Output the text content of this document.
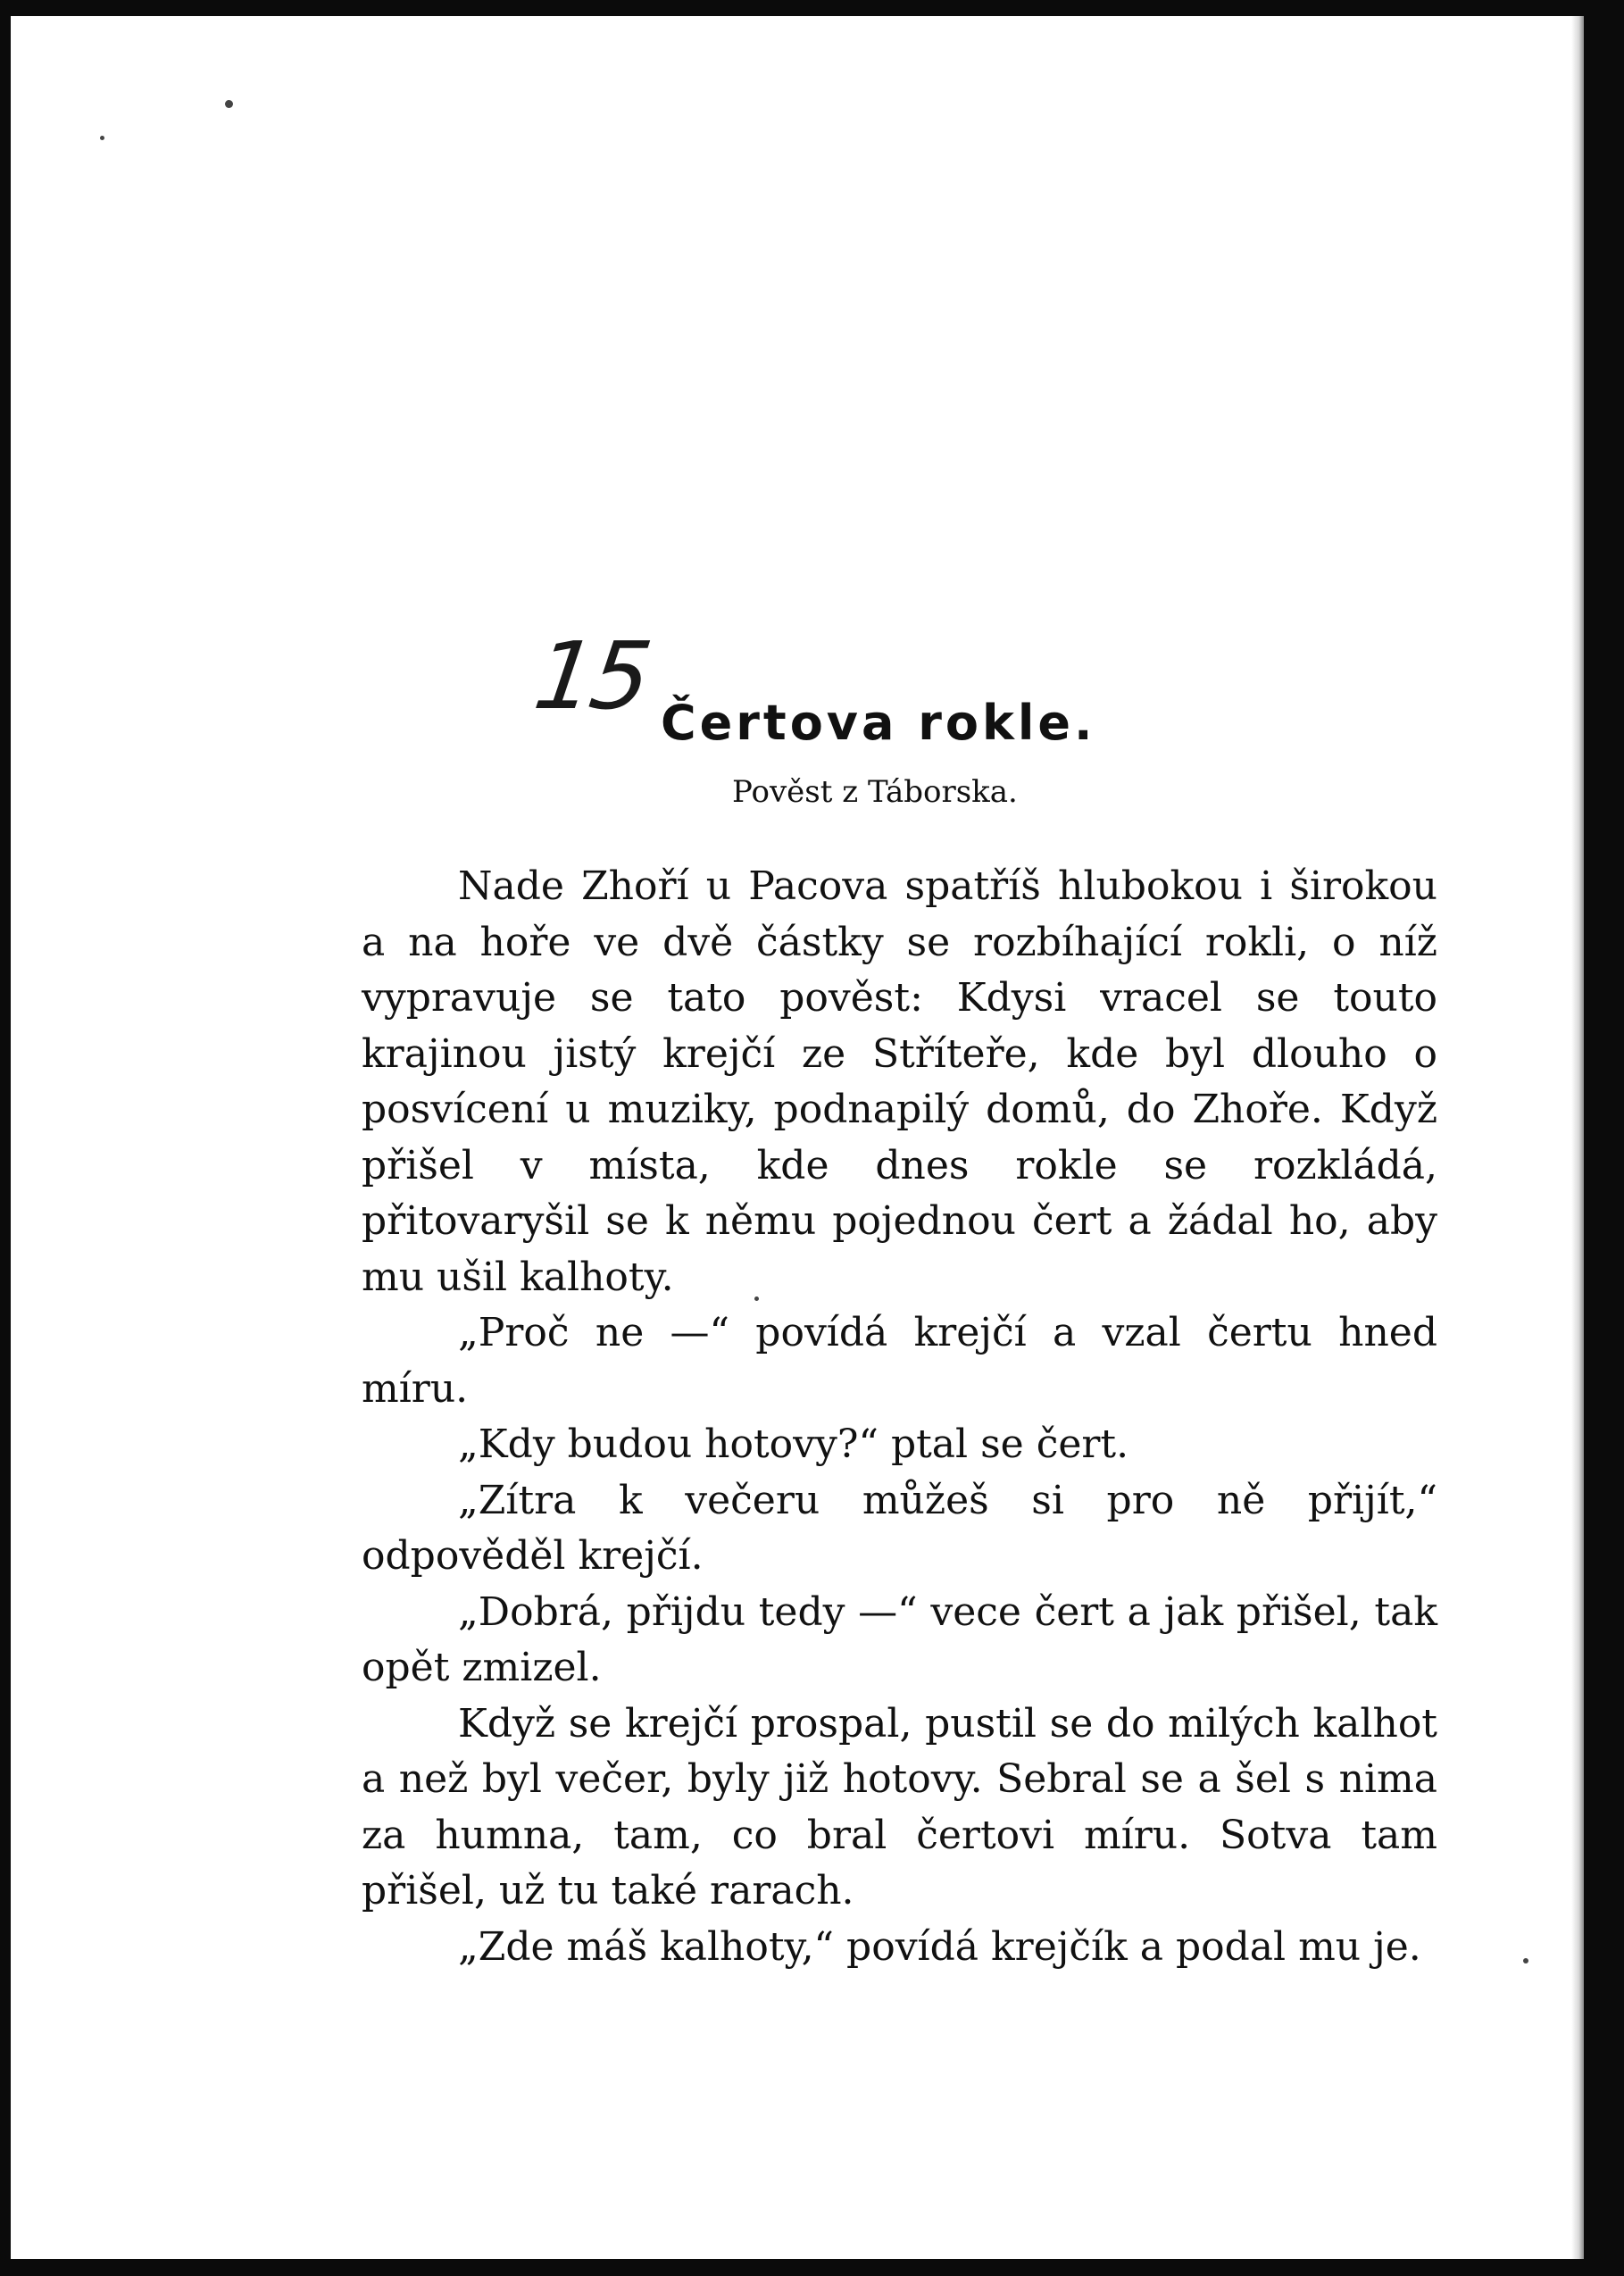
15 Čertova rokle.
Pověst z Táborska.

Nade Zhoří u Pacova spatříš hlubokou i širokou a na hoře ve dvě částky se rozbíhající rokli, o níž vypravuje se tato pověst: Kdysi vracel se touto krajinou jistý krejčí ze Stříteře, kde byl dlouho o posvícení u muziky, podnapilý domů, do Zhoře. Když přišel v místa, kde dnes rokle se rozkládá, přitovaryšil se k němu pojednou čert a žádal ho, aby mu ušil kalhoty.

„Proč ne —“ povídá krejčí a vzal čertu hned míru.

„Kdy budou hotovy?“ ptal se čert.

„Zítra k večeru můžeš si pro ně přijít,“ odpověděl krejčí.

„Dobrá, přijdu tedy —“ vece čert a jak přišel, tak opět zmizel.

Když se krejčí prospal, pustil se do milých kalhot a než byl večer, byly již hotovy. Sebral se a šel s nima za humna, tam, co bral čertovi míru. Sotva tam přišel, už tu také rarach.

„Zde máš kalhoty,“ povídá krejčík a podal mu je.
